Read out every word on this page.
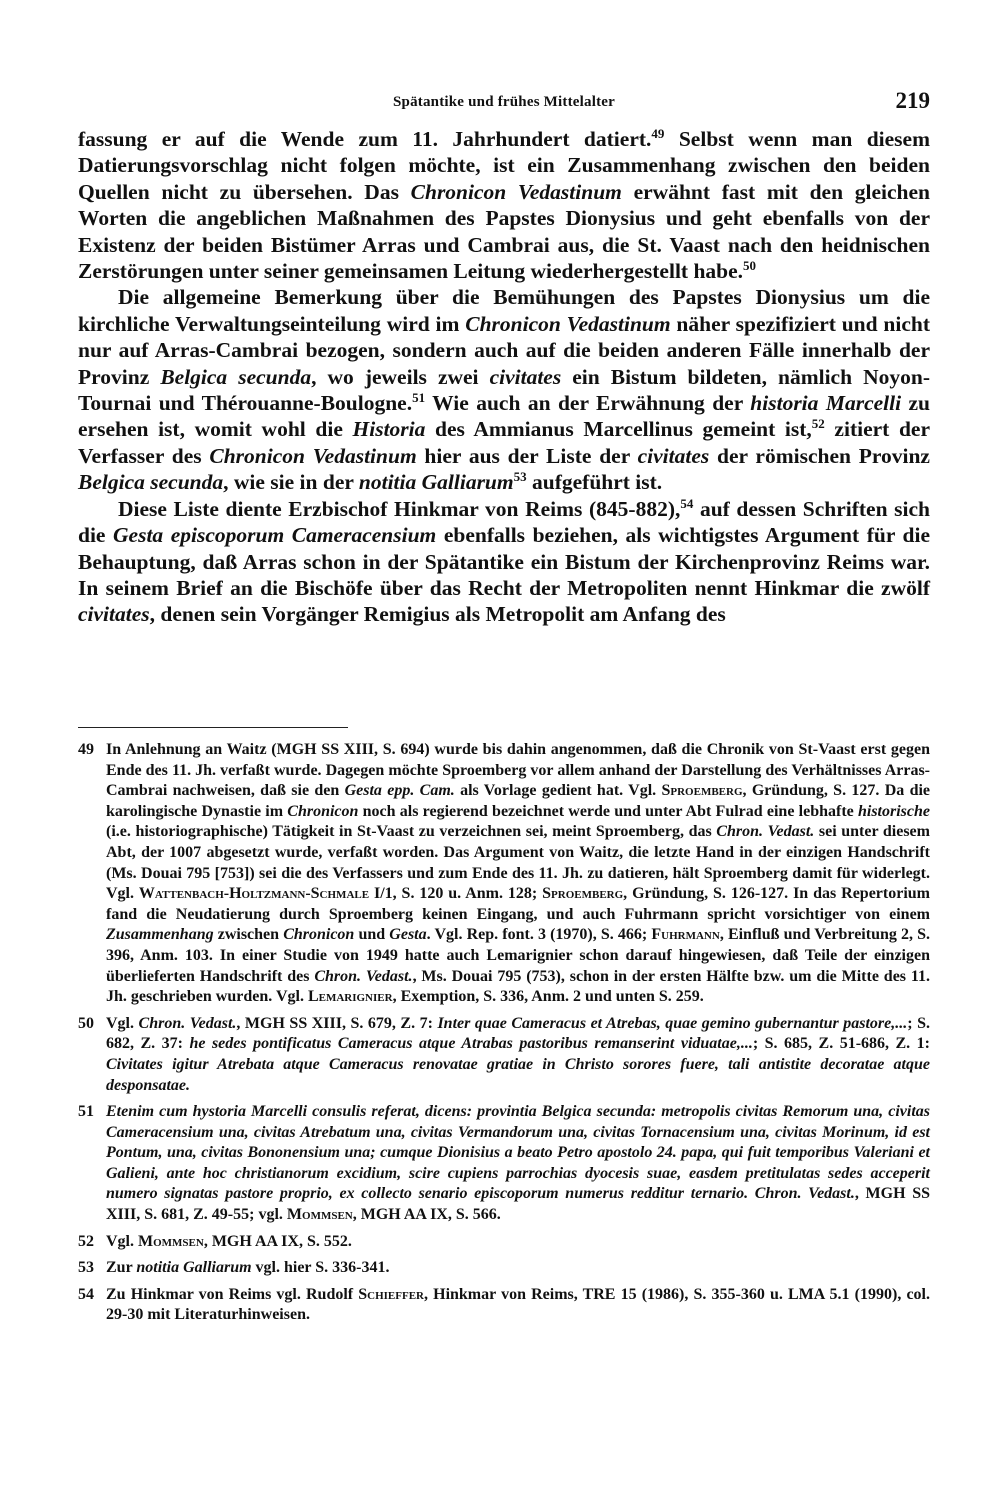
Spätantike und frühes Mittelalter	219

fassung er auf die Wende zum 11. Jahrhundert datiert.$^{49}$ Selbst wenn man diesem Datierungsvorschlag nicht folgen möchte, ist ein Zusammenhang zwischen den beiden Quellen nicht zu übersehen. Das Chronicon Vedastinum erwähnt fast mit den gleichen Worten die angeblichen Maßnahmen des Papstes Dionysius und geht ebenfalls von der Existenz der beiden Bistümer Arras und Cambrai aus, die St. Vaast nach den heidnischen Zerstörungen unter seiner gemeinsamen Leitung wiederhergestellt habe.$^{50}$

Die allgemeine Bemerkung über die Bemühungen des Papstes Dionysius um die kirchliche Verwaltungseinteilung wird im Chronicon Vedastinum näher spezifiziert und nicht nur auf Arras-Cambrai bezogen, sondern auch auf die beiden anderen Fälle innerhalb der Provinz Belgica secunda, wo jeweils zwei civitates ein Bistum bildeten, nämlich Noyon-Tournai und Thérouanne-Boulogne.$^{51}$ Wie auch an der Erwähnung der historia Marcelli zu ersehen ist, womit wohl die Historia des Ammianus Marcellinus gemeint ist,$^{52}$ zitiert der Verfasser des Chronicon Vedastinum hier aus der Liste der civitates der römischen Provinz Belgica secunda, wie sie in der notitia Galliarum$^{53}$ aufgeführt ist.

Diese Liste diente Erzbischof Hinkmar von Reims (845-882),$^{54}$ auf dessen Schriften sich die Gesta episcoporum Cameracensium ebenfalls beziehen, als wichtigstes Argument für die Behauptung, daß Arras schon in der Spätantike ein Bistum der Kirchenprovinz Reims war. In seinem Brief an die Bischöfe über das Recht der Metropoliten nennt Hinkmar die zwölf civitates, denen sein Vorgänger Remigius als Metropolit am Anfang des

49 In Anlehnung an Waitz (MGH SS XIII, S. 694) wurde bis dahin angenommen, daß die Chronik von St-Vaast erst gegen Ende des 11. Jh. verfaßt wurde. Dagegen möchte Sproemberg vor allem anhand der Darstellung des Verhältnisses Arras-Cambrai nachweisen, daß sie den Gesta epp. Cam. als Vorlage gedient hat. Vgl. Sproemberg, Gründung, S. 127. Da die karolingische Dynastie im Chronicon noch als regierend bezeichnet werde und unter Abt Fulrad eine lebhafte historische (i.e. historiographische) Tätigkeit in St-Vaast zu verzeichnen sei, meint Sproemberg, das Chron. Vedast. sei unter diesem Abt, der 1007 abgesetzt wurde, verfaßt worden. Das Argument von Waitz, die letzte Hand in der einzigen Handschrift (Ms. Douai 795 [753]) sei die des Verfassers und zum Ende des 11. Jh. zu datieren, hält Sproemberg damit für widerlegt. Vgl. Wattenbach-Holtzmann-Schmale I/1, S. 120 u. Anm. 128; Sproemberg, Gründung, S. 126-127. In das Repertorium fand die Neudatierung durch Sproemberg keinen Eingang, und auch Fuhrmann spricht vorsichtiger von einem Zusammenhang zwischen Chronicon und Gesta. Vgl. Rep. font. 3 (1970), S. 466; Fuhrmann, Einfluß und Verbreitung 2, S. 396, Anm. 103. In einer Studie von 1949 hatte auch Lemarignier schon darauf hingewiesen, daß Teile der einzigen überlieferten Handschrift des Chron. Vedast., Ms. Douai 795 (753), schon in der ersten Hälfte bzw. um die Mitte des 11. Jh. geschrieben wurden. Vgl. Lemarignier, Exemption, S. 336, Anm. 2 und unten S. 259.
50 Vgl. Chron. Vedast., MGH SS XIII, S. 679, Z. 7: Inter quae Cameracus et Atrebas, quae gemino gubernantur pastore,...; S. 682, Z. 37: he sedes pontificatus Cameracus atque Atrabas pastoribus remanserint viduatae,...; S. 685, Z. 51-686, Z. 1: Civitates igitur Atrebata atque Cameracus renovatae gratiae in Christo sorores fuere, tali antistite decoratae atque desponsatae.
51 Etenim cum hystoria Marcelli consulis referat, dicens: provintia Belgica secunda: metropolis civitas Remorum una, civitas Cameracensium una, civitas Atrebatum una, civitas Vermandorum una, civitas Tornacensium una, civitas Morinum, id est Pontum, una, civitas Bononensium una; cumque Dionisius a beato Petro apostolo 24. papa, qui fuit temporibus Valeriani et Galieni, ante hoc christianorum excidium, scire cupiens parrochias dyocesis suae, easdem pretitulatas sedes acceperit numero signatas pastore proprio, ex collecto senario episcoporum numerus redditur ternario. Chron. Vedast., MGH SS XIII, S. 681, Z. 49-55; vgl. Mommsen, MGH AA IX, S. 566.
52 Vgl. Mommsen, MGH AA IX, S. 552.
53 Zur notitia Galliarum vgl. hier S. 336-341.
54 Zu Hinkmar von Reims vgl. Rudolf Schieffer, Hinkmar von Reims, TRE 15 (1986), S. 355-360 u. LMA 5.1 (1990), col. 29-30 mit Literaturhinweisen.
